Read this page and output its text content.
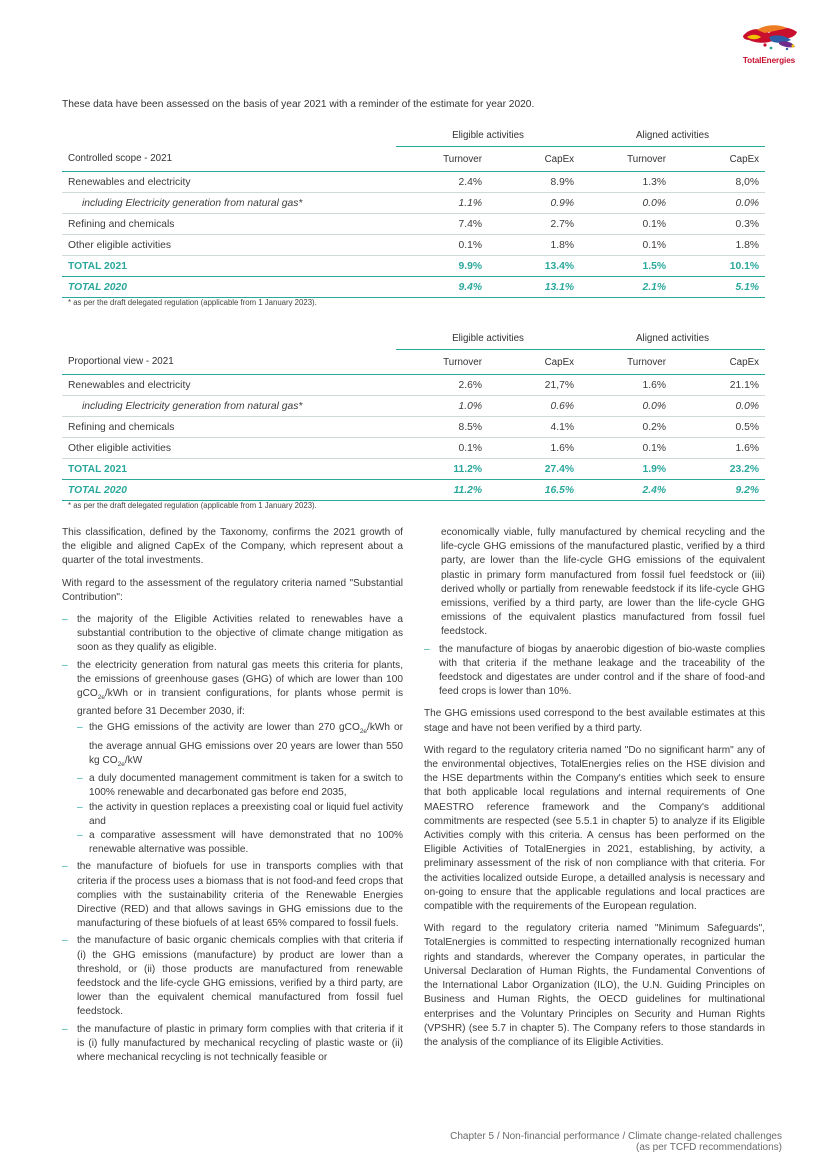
TotalEnergies
These data have been assessed on the basis of year 2021 with a reminder of the estimate for year 2020.
	Eligible activities		Aligned activities	
Controlled scope - 2021	Turnover	CapEx	Turnover	CapEx
Renewables and electricity	2.4%	8.9%	1.3%	8,0%
including Electricity generation from natural gas*	1.1%	0.9%	0.0%	0.0%
Refining and chemicals	7.4%	2.7%	0.1%	0.3%
Other eligible activities	0.1%	1.8%	0.1%	1.8%
TOTAL 2021	9.9%	13.4%	1.5%	10.1%
TOTAL 2020	9.4%	13.1%	2.1%	5.1%
* as per the draft delegated regulation (applicable from 1 January 2023).
	Eligible activities		Aligned activities	
Proportional view - 2021	Turnover	CapEx	Turnover	CapEx
Renewables and electricity	2.6%	21,7%	1.6%	21.1%
including Electricity generation from natural gas*	1.0%	0.6%	0.0%	0.0%
Refining and chemicals	8.5%	4.1%	0.2%	0.5%
Other eligible activities	0.1%	1.6%	0.1%	1.6%
TOTAL 2021	11.2%	27.4%	1.9%	23.2%
TOTAL 2020	11.2%	16.5%	2.4%	9.2%
* as per the draft delegated regulation (applicable from 1 January 2023).

This classification, defined by the Taxonomy, confirms the 2021 growth of the eligible and aligned CapEx of the Company, which represent about a quarter of the total investments.

With regard to the assessment of the regulatory criteria named "Substantial Contribution":

– the majority of the Eligible Activities related to renewables have a substantial contribution to the objective of climate change mitigation as soon as they qualify as eligible.
– the electricity generation from natural gas meets this criteria for plants, the emissions of greenhouse gases (GHG) of which are lower than 100 gCO$_{2e}$/kWh or in transient configurations, for plants whose permit is granted before 31 December 2030, if:
– the GHG emissions of the activity are lower than 270 gCO$_{2e}$/kWh or the average annual GHG emissions over 20 years are lower than 550 kg $CO_{2e}/kW$
– a duly documented management commitment is taken for a switch to 100% renewable and decarbonated gas before end 2035,
– the activity in question replaces a preexisting coal or liquid fuel activity and
– a comparative assessment will have demonstrated that no 100% renewable alternative was possible.
– the manufacture of biofuels for use in transports complies with that criteria if the process uses a biomass that is not food-and feed crops that complies with the sustainability criteria of the Renewable Energies Directive (RED) and that allows savings in GHG emissions due to the manufacturing of these biofuels of at least 65% compared to fossil fuels.
– the manufacture of basic organic chemicals complies with that criteria if (i) the GHG emissions (manufacture) by product are lower than a threshold, or (ii) those products are manufactured from renewable feedstock and the life-cycle GHG emissions, verified by a third party, are lower than the equivalent chemical manufactured from fossil fuel feedstock.
– the manufacture of plastic in primary form complies with that criteria if it is (i) fully manufactured by mechanical recycling of plastic waste or (ii) where mechanical recycling is not technically feasible or

economically viable, fully manufactured by chemical recycling and the life-cycle GHG emissions of the manufactured plastic, verified by a third party, are lower than the life-cycle GHG emissions of the equivalent plastic in primary form manufactured from fossil fuel feedstock or (iii) derived wholly or partially from renewable feedstock if its life-cycle GHG emissions, verified by a third party, are lower than the life-cycle GHG emissions of the equivalent plastics manufactured from fossil fuel feedstock.

– the manufacture of biogas by anaerobic digestion of bio-waste complies with that criteria if the methane leakage and the traceability of the feedstock and digestates are under control and if the share of food-and feed crops is lower than 10%.

The GHG emissions used correspond to the best available estimates at this stage and have not been verified by a third party.

With regard to the regulatory criteria named "Do no significant harm" any of the environmental objectives, TotalEnergies relies on the HSE division and the HSE departments within the Company's entities which seek to ensure that both applicable local regulations and internal requirements of One MAESTRO reference framework and the Company's additional commitments are respected (see 5.5.1 in chapter 5) to analyze if its Eligible Activities comply with this criteria. A census has been performed on the Eligible Activities of TotalEnergies in 2021, establishing, by activity, a preliminary assessment of the risk of non compliance with that criteria. For the activities localized outside Europe, a detailled analysis is necessary and on-going to ensure that the applicable regulations and local practices are compatible with the requirements of the European regulation.

With regard to the regulatory criteria named "Minimum Safeguards", TotalEnergies is committed to respecting internationally recognized human rights and standards, wherever the Company operates, in particular the Universal Declaration of Human Rights, the Fundamental Conventions of the International Labor Organization (ILO), the U.N. Guiding Principles on Business and Human Rights, the OECD guidelines for multinational enterprises and the Voluntary Principles on Security and Human Rights (VPSHR) (see 5.7 in chapter 5). The Company refers to those standards in the analysis of the compliance of its Eligible Activities.

Chapter 5 / Non-financial performance / Climate change-related challenges
(as per TCFD recommendations)
